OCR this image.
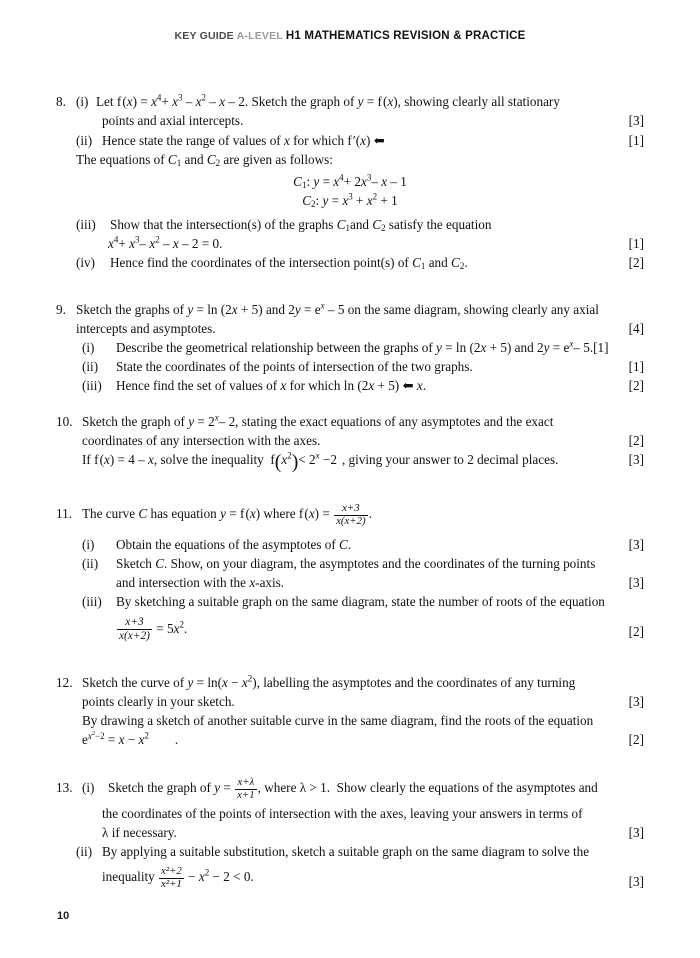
KEY GUIDE A-LEVEL H1 MATHEMATICS REVISION & PRACTICE
8. (i) Let f $(x) = x^4+ x^3 - x^2 - x - 2$. Sketch the graph of y = f (x), showing clearly all stationary
points and axial intercepts.	[3]
(ii) Hence state the range of values of x for which f ′(x) ⬅	[1]
The equations of $C_1$ and $C_2$ are given as follows:
$C_1$: $y = x^4+ 2x^3-$ x – 1
$C_2$: $y = x^3 + x^2 + 1$
(iii) Show that the intersection(s) of the graphs $C_1and$ $C_2$ satisfy the equation
$x^4+ x^3-$ $x^2 - x - 2 = 0$.	[1]
(iv) Hence find the coordinates of the intersection point(s) of $C_1$ and $C_2$.	[2]
9. Sketch the graphs of y = ln (2x + 5) and $2y = e^x - 5$ on the same diagram, showing clearly any axial
intercepts and asymptotes.	[4]
(i) Describe the geometrical relationship between the graphs of y = ln (2x + 5) and $2y = e^x-$ 5.[1]
(ii) State the coordinates of the points of intersection of the two graphs.	[1]
(iii) Hence find the set of values of x for which ln (2x + 5) ⬅ x.	[2]
10. Sketch the graph of $y = 2^x-$ 2, stating the exact equations of any asymptotes and the exact
coordinates of any intersection with the axes.	[2]
If f (x) = 4 – x, solve the inequality  $f(x^2)< 2^x -2$ , giving your answer to 2 decimal places.	[3]
11. The curve C has equation y = f (x) where f $(x) = \frac{x+3}{x(x+2)}$ .
(i) Obtain the equations of the asymptotes of C.	[3]
(ii) Sketch C. Show, on your diagram, the asymptotes and the coordinates of the turning points
and intersection with the x-axis.	[3]
(iii) By sketching a suitable graph on the same diagram, state the number of roots of the equation
$\frac{x+3}{x(x+2)} = 5x^2$.	[2]
12. Sketch the curve of $y = \ln(x - x^2)$, labelling the asymptotes and the coordinates of any turning
points clearly in your sketch.	[3]
By drawing a sketch of another suitable curve in the same diagram, find the roots of the equation
$e^{x^2-2} = x - x^2$ .	[2]
13. (i) Sketch the graph of $y = \frac{x+\lambda}{x+1}$ , where λ > 1.  Show clearly the equations of the asymptotes and
the coordinates of the points of intersection with the axes, leaving your answers in terms of
λ if necessary.	[3]
(ii) By applying a suitable substitution, sketch a suitable graph on the same diagram to solve the
inequality $\frac{\text{x²+2}}{\text{x²+1}} - x^2 - 2 < 0$.	[3]
10
